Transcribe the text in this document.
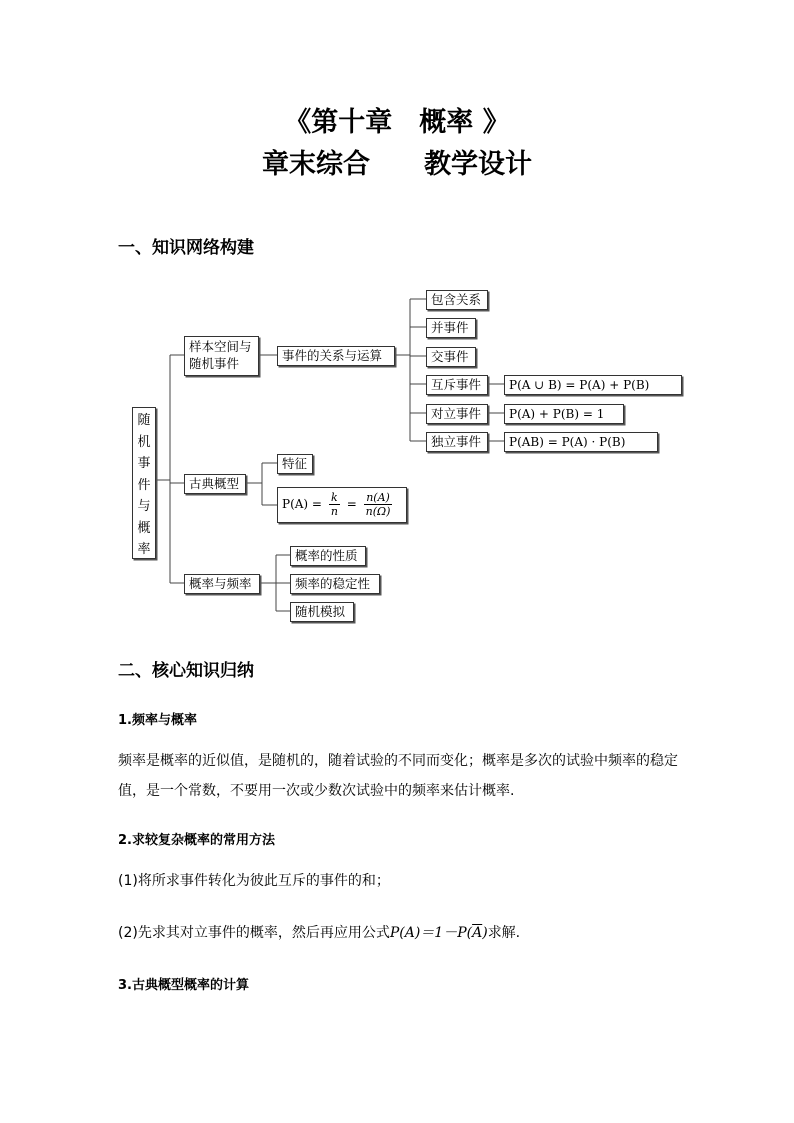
《第十章　概率 》
章末综合　　教学设计
一、知识网络构建
随
机
事
件
与
概
率
样本空间与
随机事件
事件的关系与运算
包含关系
并事件
交事件
互斥事件
对立事件
独立事件
P(A ∪ B) = P(A) + P(B)
P(A) + P(B) = 1
P(AB) = P(A) · P(B)
古典概型
特征
$P(A) = \frac{k}{n} = \frac{n(A)}{n(\Omega)}$
概率与频率
概率的性质
频率的稳定性
随机模拟
二、核心知识归纳
1.频率与概率
频率是概率的近似值，是随机的，随着试验的不同而变化；概率是多次的试验中频率的稳定值，是一个常数，不要用一次或少数次试验中的频率来估计概率.
2.求较复杂概率的常用方法
(1)将所求事件转化为彼此互斥的事件的和；
(2)先求其对立事件的概率，然后再应用公式$P(A)=1-P(\overline{A})$求解.
3.古典概型概率的计算
